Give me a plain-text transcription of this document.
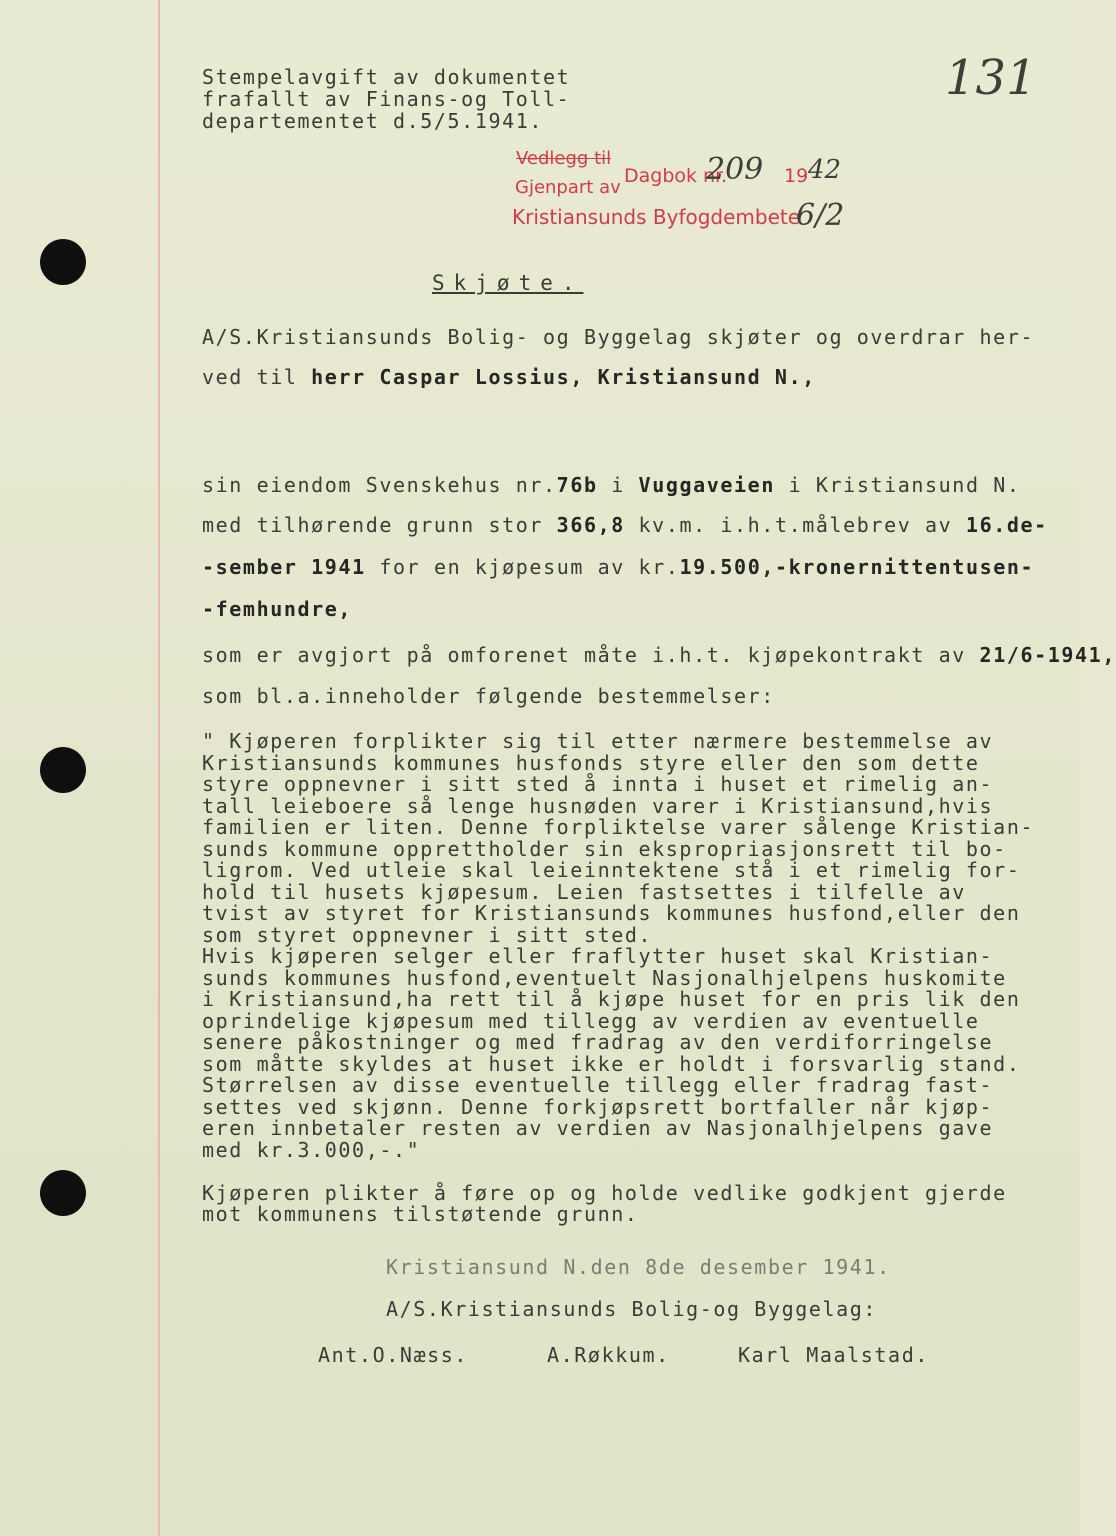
131
Stempelavgift av dokumentet
frafallt av Finans-og Toll-
departementet d.5/5.1941.
Vedlegg til
Gjenpart av
Dagbok nr.
209 19 42
Kristiansunds Byfogdembete
6/2
Skjøte.
A/S.Kristiansunds Bolig- og Byggelag skjøter og overdrar her-
ved til herr Caspar Lossius, Kristiansund N.,
sin eiendom Svenskehus nr.76b i Vuggaveien i Kristiansund N.
med tilhørende grunn stor 366,8 kv.m. i.h.t.målebrev av 16.de-
-sember 1941 for en kjøpesum av kr.19.500,-kronernittentusen-
-femhundre,
som er avgjort på omforenet måte i.h.t. kjøpekontrakt av 21/6-1941,
som bl.a.inneholder følgende bestemmelser:
" Kjøperen forplikter sig til etter nærmere bestemmelse av
Kristiansunds kommunes husfonds styre eller den som dette
styre oppnevner i sitt sted å innta i huset et rimelig an-
tall leieboere så lenge husnøden varer i Kristiansund,hvis
familien er liten. Denne forpliktelse varer sålenge Kristian-
sunds kommune opprettholder sin ekspropriasjonsrett til bo-
ligrom. Ved utleie skal leieinntektene stå i et rimelig for-
hold til husets kjøpesum. Leien fastsettes i tilfelle av
tvist av styret for Kristiansunds kommunes husfond,eller den
som styret oppnevner i sitt sted.
Hvis kjøperen selger eller fraflytter huset skal Kristian-
sunds kommunes husfond,eventuelt Nasjonalhjelpens huskomite
i Kristiansund,ha rett til å kjøpe huset for en pris lik den
oprindelige kjøpesum med tillegg av verdien av eventuelle
senere påkostninger og med fradrag av den verdiforringelse
som måtte skyldes at huset ikke er holdt i forsvarlig stand.
Størrelsen av disse eventuelle tillegg eller fradrag fast-
settes ved skjønn. Denne forkjøpsrett bortfaller når kjøp-
eren innbetaler resten av verdien av Nasjonalhjelpens gave
med kr.3.000,-."
Kjøperen plikter å føre op og holde vedlike godkjent gjerde
mot kommunens tilstøtende grunn.
Kristiansund N.den 8de desember 1941.
A/S.Kristiansunds Bolig-og Byggelag:
Ant.O.Næss.	A.Røkkum.	Karl Maalstad.
